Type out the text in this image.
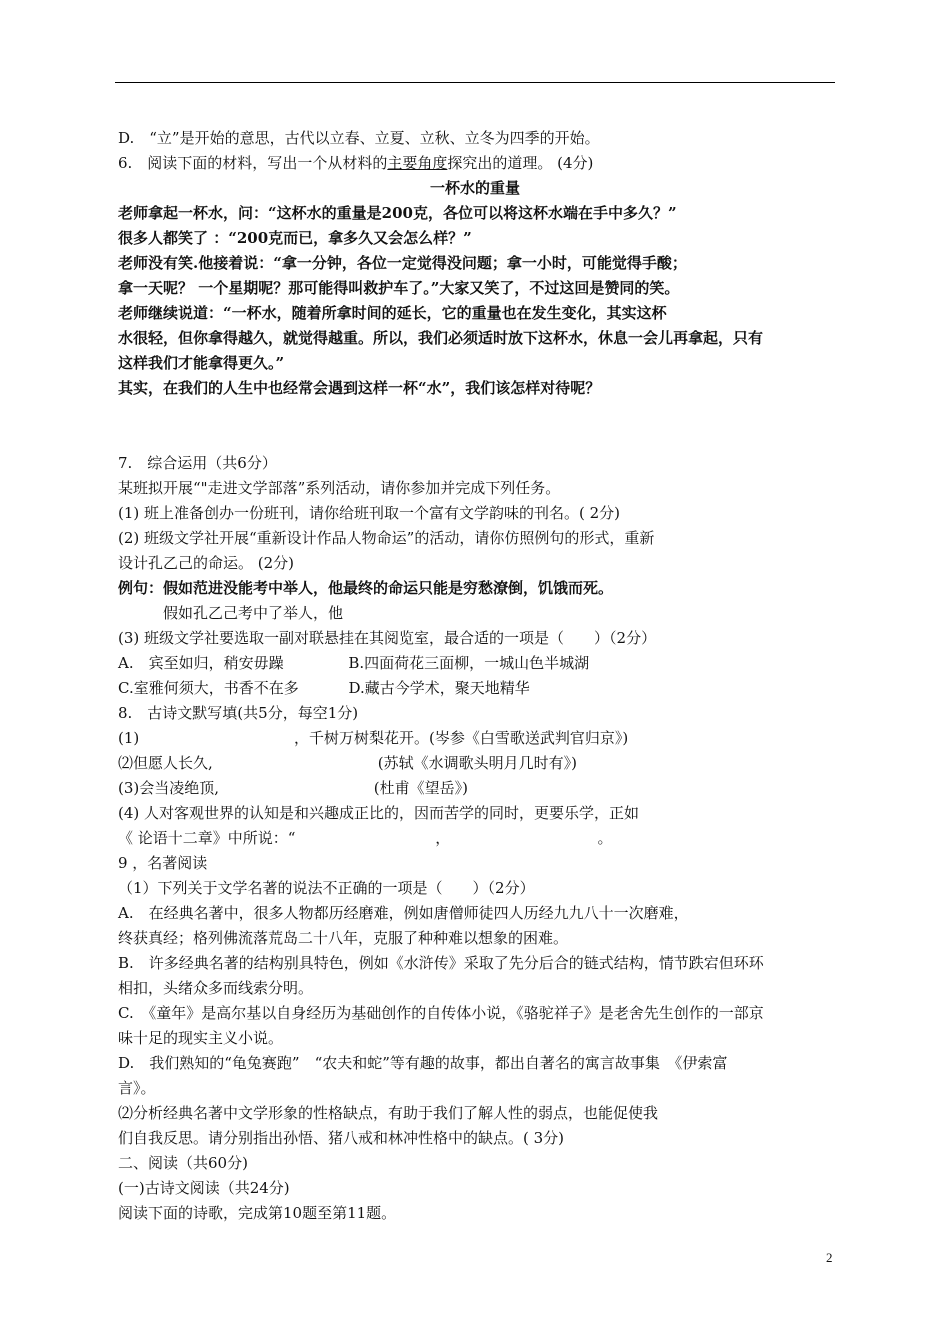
D.　“立”是开始的意思，古代以立春、立夏、立秋、立冬为四季的开始。
6.　阅读下面的材料，写出一个从材料的主要角度探究出的道理。 (4分)
一杯水的重量
老师拿起一杯水，问：“这杯水的重量是200克，各位可以将这杯水端在手中多久？”
很多人都笑了 ：“200克而已，拿多久又会怎么样？”
老师没有笑.他接着说：“拿一分钟，各位一定觉得没问题；拿一小时，可能觉得手酸；
拿一天呢？ 一个星期呢？那可能得叫救护车了。”大家又笑了，不过这回是赞同的笑。
老师继续说道：“一杯水，随着所拿时间的延长，它的重量也在发生变化，其实这杯
水很轻，但你拿得越久，就觉得越重。所以，我们必须适时放下这杯水，休息一会儿再拿起，只有
这样我们才能拿得更久。”
其实，在我们的人生中也经常会遇到这样一杯“水”，我们该怎样对待呢？
7.　综合运用（共6分）
某班拟开展“"走进文学部落”系列活动，请你参加并完成下列任务。
(1) 班上准备创办一份班刊，请你给班刊取一个富有文学韵味的刊名。( 2分)
(2) 班级文学社开展“重新设计作品人物命运”的活动，请你仿照例句的形式，重新
设计孔乙己的命运。 (2分)
例句：假如范进没能考中举人，他最终的命运只能是穷愁潦倒，饥饿而死。
　　　假如孔乙己考中了举人，他
(3) 班级文学社要选取一副对联悬挂在其阅览室，最合适的一项是（　　）（2分）
A.　宾至如归，稍安毋躁　　　　 B.四面荷花三面柳，一城山色半城湖
C.室雅何须大，书香不在多　　　 D.藏古今学术，聚天地精华
8.　古诗文默写填(共5分，每空1分)
(1)　　　　　　　　　　 ，千树万树梨花开。(岑参《白雪歌送武判官归京》)
⑵但愿人长久,　　　　　　　　　　　(苏轼《水调歌头明月几时有》)
(3)会当凌绝顶,　　　　　　　　　　 (杜甫《望岳》)
(4) 人对客观世界的认知是和兴趣成正比的，因而苦学的同时，更要乐学，正如
《 论语十二章》中所说：“　　　　　　　　　 ，　　　　　　　　　　 。
9 ，名著阅读
（1）下列关于文学名著的说法不正确的一项是（　　）（2分）
A.　在经典名著中，很多人物都历经磨难，例如唐僧师徒四人历经九九八十一次磨难，
终获真经；格列佛流落荒岛二十八年，克服了种种难以想象的困难。
B.　许多经典名著的结构别具特色，例如《水浒传》采取了先分后合的链式结构，情节跌宕但环环
相扣，头绪众多而线索分明。
C.　《童年》是高尔基以自身经历为基础创作的自传体小说，《骆驼祥子》是老舍先生创作的一部京
味十足的现实主义小说。
D.　我们熟知的“龟兔赛跑”　“农夫和蛇”等有趣的故事，都出自著名的寓言故事集　《伊索富
言》。
⑵分析经典名著中文学形象的性格缺点，有助于我们了解人性的弱点，也能促使我
们自我反思。请分别指出孙悟、猪八戒和林冲性格中的缺点。( 3分)
二、阅读（共60分)
(一)古诗文阅读（共24分)
阅读下面的诗歌，完成第10题至第11题。
2
